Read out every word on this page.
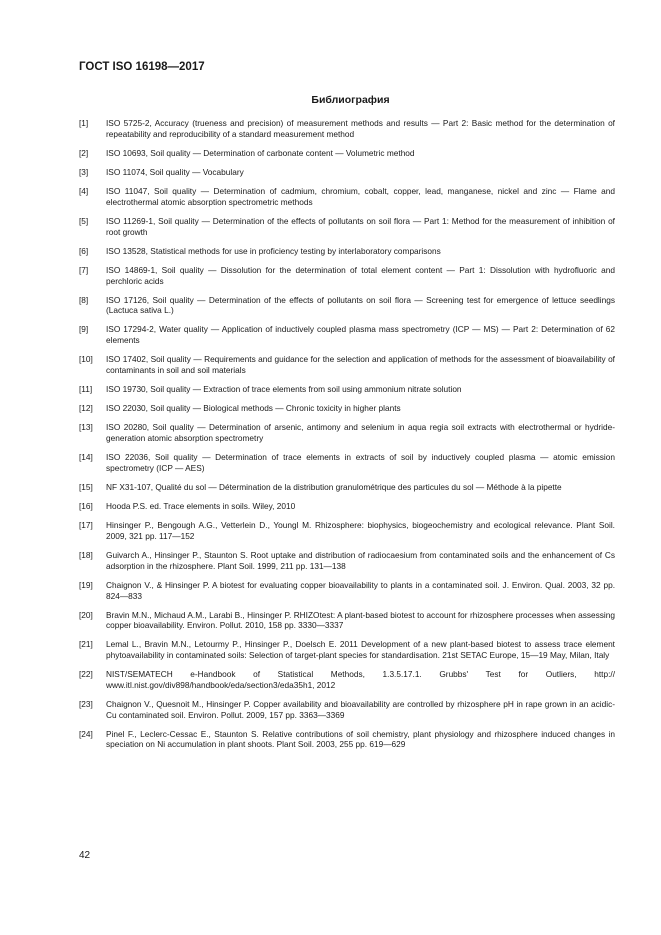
ГОСТ ISO 16198—2017
Библиография
[1]	ISO 5725-2, Accuracy (trueness and precision) of measurement methods and results — Part 2: Basic method for the determination of repeatability and reproducibility of a standard measurement method
[2]	ISO 10693, Soil quality — Determination of carbonate content — Volumetric method
[3]	ISO 11074, Soil quality — Vocabulary
[4]	ISO 11047, Soil quality — Determination of cadmium, chromium, cobalt, copper, lead, manganese, nickel and zinc — Flame and electrothermal atomic absorption spectrometric methods
[5]	ISO 11269-1, Soil quality — Determination of the effects of pollutants on soil flora — Part 1: Method for the measurement of inhibition of root growth
[6]	ISO 13528, Statistical methods for use in proficiency testing by interlaboratory comparisons
[7]	ISO 14869-1, Soil quality — Dissolution for the determination of total element content — Part 1: Dissolution with hydrofluoric and perchloric acids
[8]	ISO 17126, Soil quality — Determination of the effects of pollutants on soil flora — Screening test for emergence of lettuce seedlings (Lactuca sativa L.)
[9]	ISO 17294-2, Water quality — Application of inductively coupled plasma mass spectrometry (ICP — MS) — Part 2: Determination of 62 elements
[10]	ISO 17402, Soil quality — Requirements and guidance for the selection and application of methods for the assessment of bioavailability of contaminants in soil and soil materials
[11]	ISO 19730, Soil quality — Extraction of trace elements from soil using ammonium nitrate solution
[12]	ISO 22030, Soil quality — Biological methods — Chronic toxicity in higher plants
[13]	ISO 20280, Soil quality — Determination of arsenic, antimony and selenium in aqua regia soil extracts with electrothermal or hydride-generation atomic absorption spectrometry
[14]	ISO 22036, Soil quality — Determination of trace elements in extracts of soil by inductively coupled plasma — atomic emission spectrometry (ICP — AES)
[15]	NF X31-107, Qualité du sol — Détermination de la distribution granulométrique des particules du sol — Méthode à la pipette
[16]	Hooda P.S. ed. Trace elements in soils. Wiley, 2010
[17]	Hinsinger P., Bengough A.G., Vetterlein D., Youngl M. Rhizosphere: biophysics, biogeochemistry and ecological relevance. Plant Soil. 2009, 321 pp. 117—152
[18]	Guivarch A., Hinsinger P., Staunton S. Root uptake and distribution of radiocaesium from contaminated soils and the enhancement of Cs adsorption in the rhizosphere. Plant Soil. 1999, 211 pp. 131—138
[19]	Chaignon V., & Hinsinger P. A biotest for evaluating copper bioavailability to plants in a contaminated soil. J. Environ. Qual. 2003, 32 pp. 824—833
[20]	Bravin M.N., Michaud A.M., Larabi B., Hinsinger P. RHIZOtest: A plant-based biotest to account for rhizosphere processes when assessing copper bioavailability. Environ. Pollut. 2010, 158 pp. 3330—3337
[21]	Lemal L., Bravin M.N., Letourmy P., Hinsinger P., Doelsch E. 2011 Development of a new plant-based biotest to assess trace element phytoavailability in contaminated soils: Selection of target-plant species for standardisation. 21st SETAC Europe, 15—19 May, Milan, Italy
[22]	NIST/SEMATECH e-Handbook of Statistical Methods, 1.3.5.17.1. Grubbs' Test for Outliers, http:// www.itl.nist.gov/div898/handbook/eda/section3/eda35h1, 2012
[23]	Chaignon V., Quesnoit M., Hinsinger P. Copper availability and bioavailability are controlled by rhizosphere pH in rape grown in an acidic-Cu contaminated soil. Environ. Pollut. 2009, 157 pp. 3363—3369
[24]	Pinel F., Leclerc-Cessac E., Staunton S. Relative contributions of soil chemistry, plant physiology and rhizosphere induced changes in speciation on Ni accumulation in plant shoots. Plant Soil. 2003, 255 pp. 619—629
42
